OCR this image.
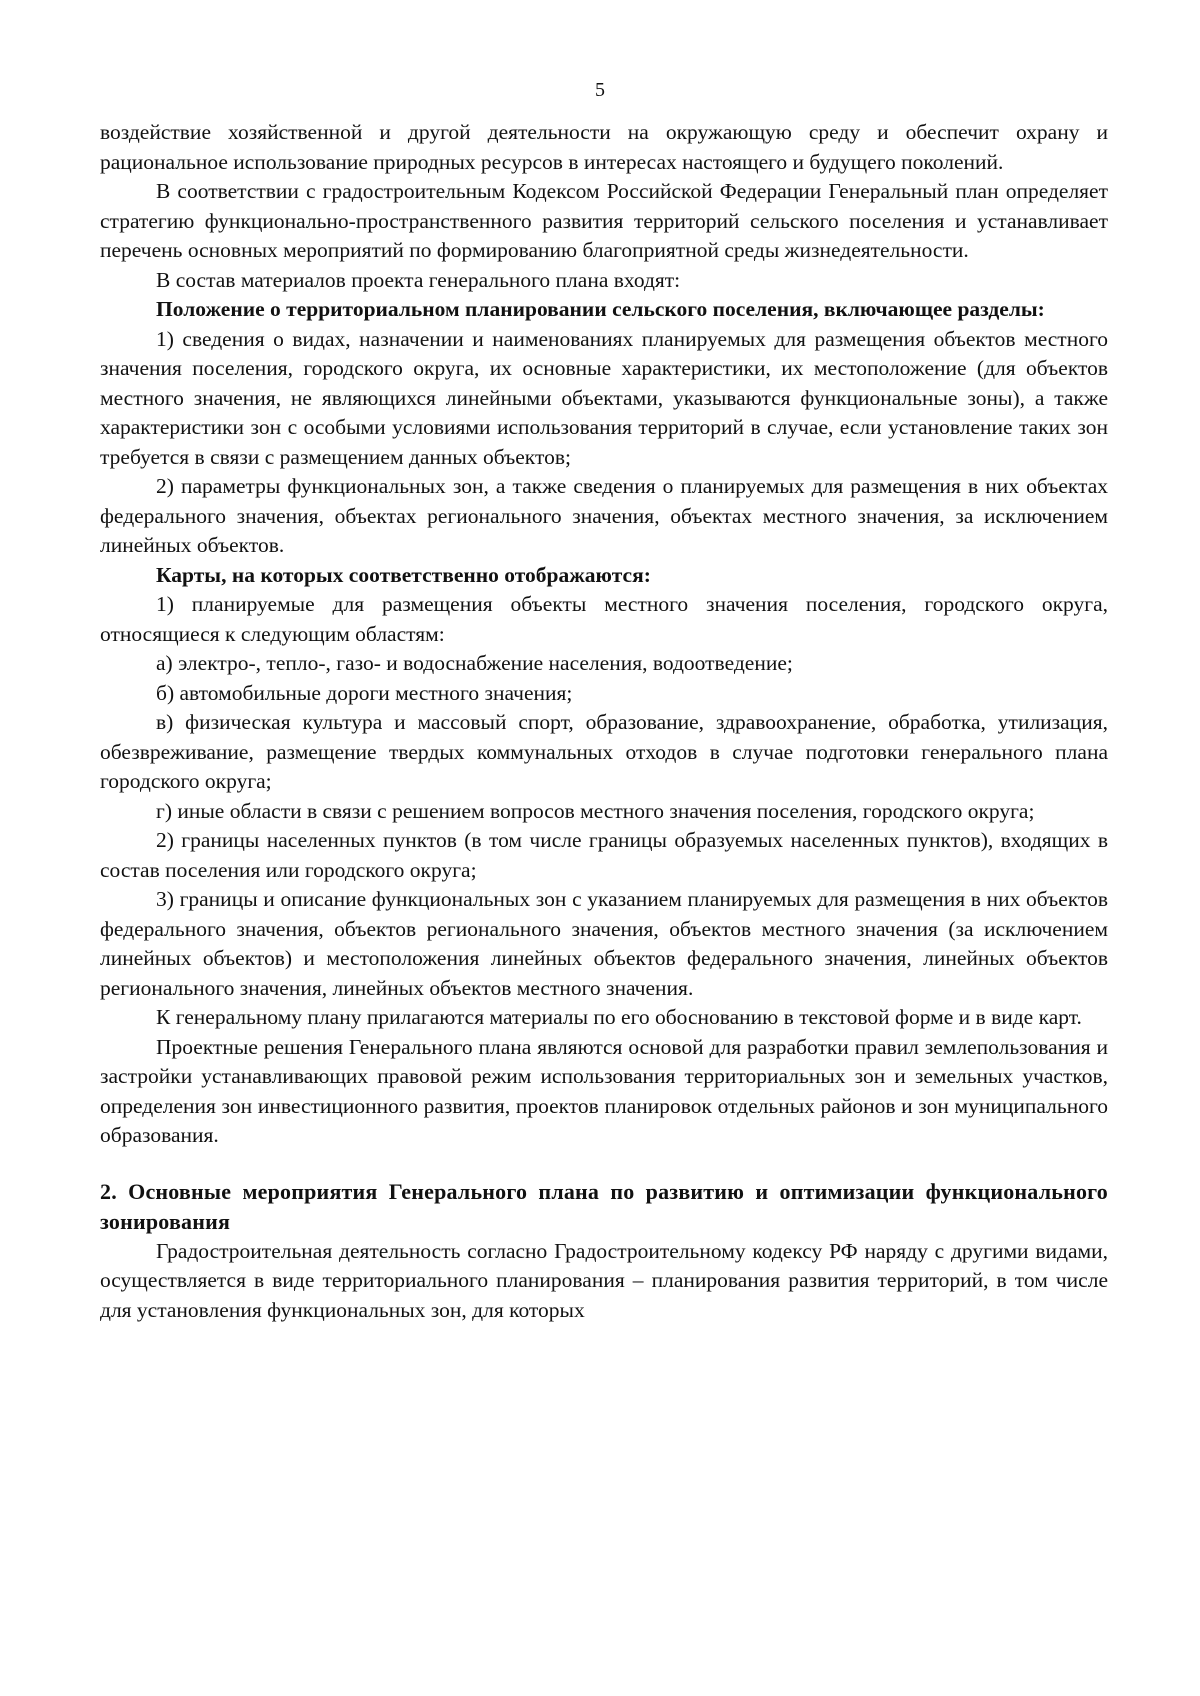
5

воздействие хозяйственной и другой деятельности на окружающую среду и обеспечит охрану и рациональное использование природных ресурсов в интересах настоящего и будущего поколений.

В соответствии с градостроительным Кодексом Российской Федерации Генеральный план определяет стратегию функционально-пространственного развития территорий сельского поселения и устанавливает перечень основных мероприятий по формированию благоприятной среды жизнедеятельности.

В состав материалов проекта генерального плана входят:

Положение о территориальном планировании сельского поселения, включающее разделы:

1) сведения о видах, назначении и наименованиях планируемых для размещения объектов местного значения поселения, городского округа, их основные характеристики, их местоположение (для объектов местного значения, не являющихся линейными объектами, указываются функциональные зоны), а также характеристики зон с особыми условиями использования территорий в случае, если установление таких зон требуется в связи с размещением данных объектов;

2) параметры функциональных зон, а также сведения о планируемых для размещения в них объектах федерального значения, объектах регионального значения, объектах местного значения, за исключением линейных объектов.

Карты, на которых соответственно отображаются:

1) планируемые для размещения объекты местного значения поселения, городского округа, относящиеся к следующим областям:

а) электро-, тепло-, газо- и водоснабжение населения, водоотведение;

б) автомобильные дороги местного значения;

в) физическая культура и массовый спорт, образование, здравоохранение, обработка, утилизация, обезвреживание, размещение твердых коммунальных отходов в случае подготовки генерального плана городского округа;

г) иные области в связи с решением вопросов местного значения поселения, городского округа;

2) границы населенных пунктов (в том числе границы образуемых населенных пунктов), входящих в состав поселения или городского округа;

3) границы и описание функциональных зон с указанием планируемых для размещения в них объектов федерального значения, объектов регионального значения, объектов местного значения (за исключением линейных объектов) и местоположения линейных объектов федерального значения, линейных объектов регионального значения, линейных объектов местного значения.

К генеральному плану прилагаются материалы по его обоснованию в текстовой форме и в виде карт.

Проектные решения Генерального плана являются основой для разработки правил землепользования и застройки устанавливающих правовой режим использования территориальных зон и земельных участков, определения зон инвестиционного развития, проектов планировок отдельных районов и зон муниципального образования.

2. Основные мероприятия Генерального плана по развитию и оптимизации функционального зонирования

Градостроительная деятельность согласно Градостроительному кодексу РФ наряду с другими видами, осуществляется в виде территориального планирования – планирования развития территорий, в том числе для установления функциональных зон, для которых
